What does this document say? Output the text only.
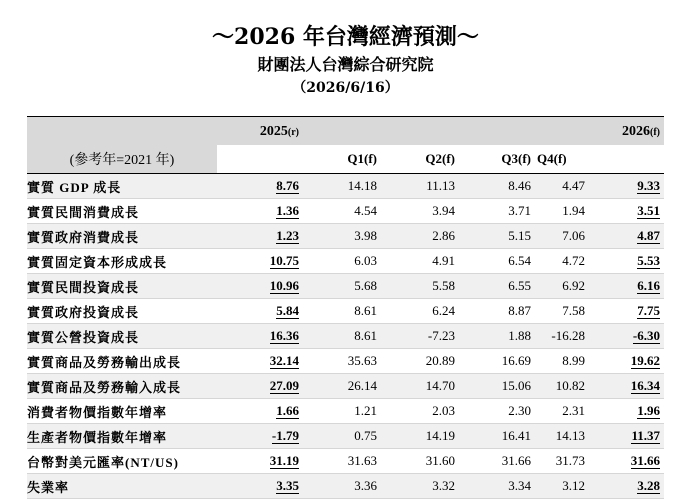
～2026 年台灣經濟預測～
財團法人台灣綜合研究院
（2026/6/16）
	2025(r)					2026(f)
(參考年=2021 年)		Q1(f)	Q2(f)	Q3(f)	Q4(f)	
實質 GDP 成長	8.76	14.18	11.13	8.46	4.47	9.33
實質民間消費成長	1.36	4.54	3.94	3.71	1.94	3.51
實質政府消費成長	1.23	3.98	2.86	5.15	7.06	4.87
實質固定資本形成成長	10.75	6.03	4.91	6.54	4.72	5.53
實質民間投資成長	10.96	5.68	5.58	6.55	6.92	6.16
實質政府投資成長	5.84	8.61	6.24	8.87	7.58	7.75
實質公營投資成長	16.36	8.61	-7.23	1.88	-16.28	-6.30
實質商品及勞務輸出成長	32.14	35.63	20.89	16.69	8.99	19.62
實質商品及勞務輸入成長	27.09	26.14	14.70	15.06	10.82	16.34
消費者物價指數年增率	1.66	1.21	2.03	2.30	2.31	1.96
生產者物價指數年增率	-1.79	0.75	14.19	16.41	14.13	11.37
台幣對美元匯率(NT/US)	31.19	31.63	31.60	31.66	31.73	31.66
失業率	3.35	3.36	3.32	3.34	3.12	3.28
